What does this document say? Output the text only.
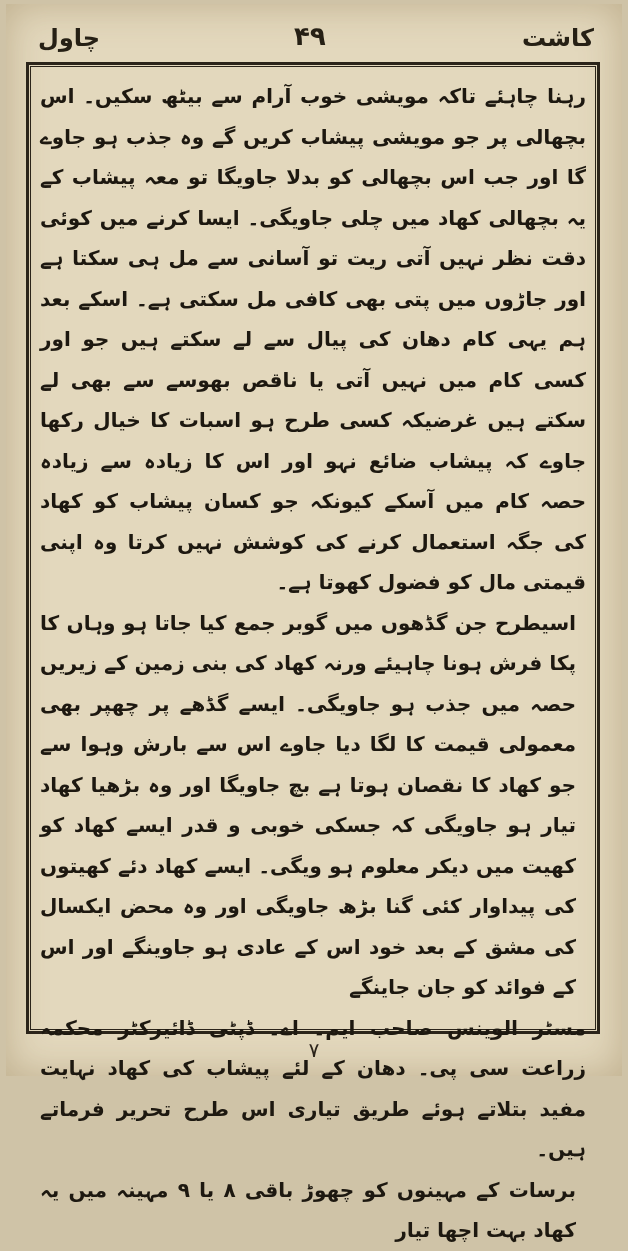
کاشت
۴۹
چاول

رہنا چاہئے تاکہ مویشی خوب آرام سے بیٹھ سکیں۔ اس بچھالی پر جو مویشی پیشاب کریں گے وہ جذب ہو جاوے گا اور جب اس بچھالی کو بدلا جاویگا تو معہ پیشاب کے یہ بچھالی کھاد میں چلی جاویگی۔ ایسا کرنے میں کوئی دقت نظر نہیں آتی ریت تو آسانی سے مل ہی سکتا ہے اور جاڑوں میں پتی بھی کافی مل سکتی ہے۔ اسکے بعد ہم یہی کام دھان کی پیال سے لے سکتے ہیں جو اور کسی کام میں نہیں آتی یا ناقص بھوسے سے بھی لے سکتے ہیں غرضیکہ کسی طرح ہو اسبات کا خیال رکھا جاوے کہ پیشاب ضائع نہو اور اس کا زیادہ سے زیادہ حصہ کام میں آسکے کیونکہ جو کسان پیشاب کو کھاد کی جگہ استعمال کرنے کی کوشش نہیں کرتا وہ اپنی قیمتی مال کو فضول کھوتا ہے۔

اسیطرح جن گڈھوں میں گوبر جمع کیا جاتا ہو وہاں کا پکا فرش ہونا چاہیئے ورنہ کھاد کی بنی زمین کے زیریں حصہ میں جذب ہو جاویگی۔ ایسے گڈھے پر چھپر بھی معمولی قیمت کا لگا دیا جاوے اس سے بارش وہوا سے جو کھاد کا نقصان ہوتا ہے بچ جاویگا اور وہ بڑھیا کھاد تیار ہو جاویگی کہ جسکی خوبی و قدر ایسے کھاد کو کھیت میں دیکر معلوم ہو ویگی۔ ایسے کھاد دئے کھیتوں کی پیداوار کئی گنا بڑھ جاویگی اور وہ محض ایکسال کی مشق کے بعد خود اس کے عادی ہو جاوینگے اور اس کے فوائد کو جان جاینگے

مسٹر الوینس صاحب ایم۔ اے۔ ڈپٹی ڈائیرکٹر محکمہ زراعت سی پی۔ دھان کے لئے پیشاب کی کھاد نہایت مفید بتلاتے ہوئے طریق تیاری اس طرح تحریر فرماتے ہیں۔

برسات کے مہینوں کو چھوڑ باقی ۸ یا ۹ مہینہ میں یہ کھاد بہت اچھا تیار

۷
